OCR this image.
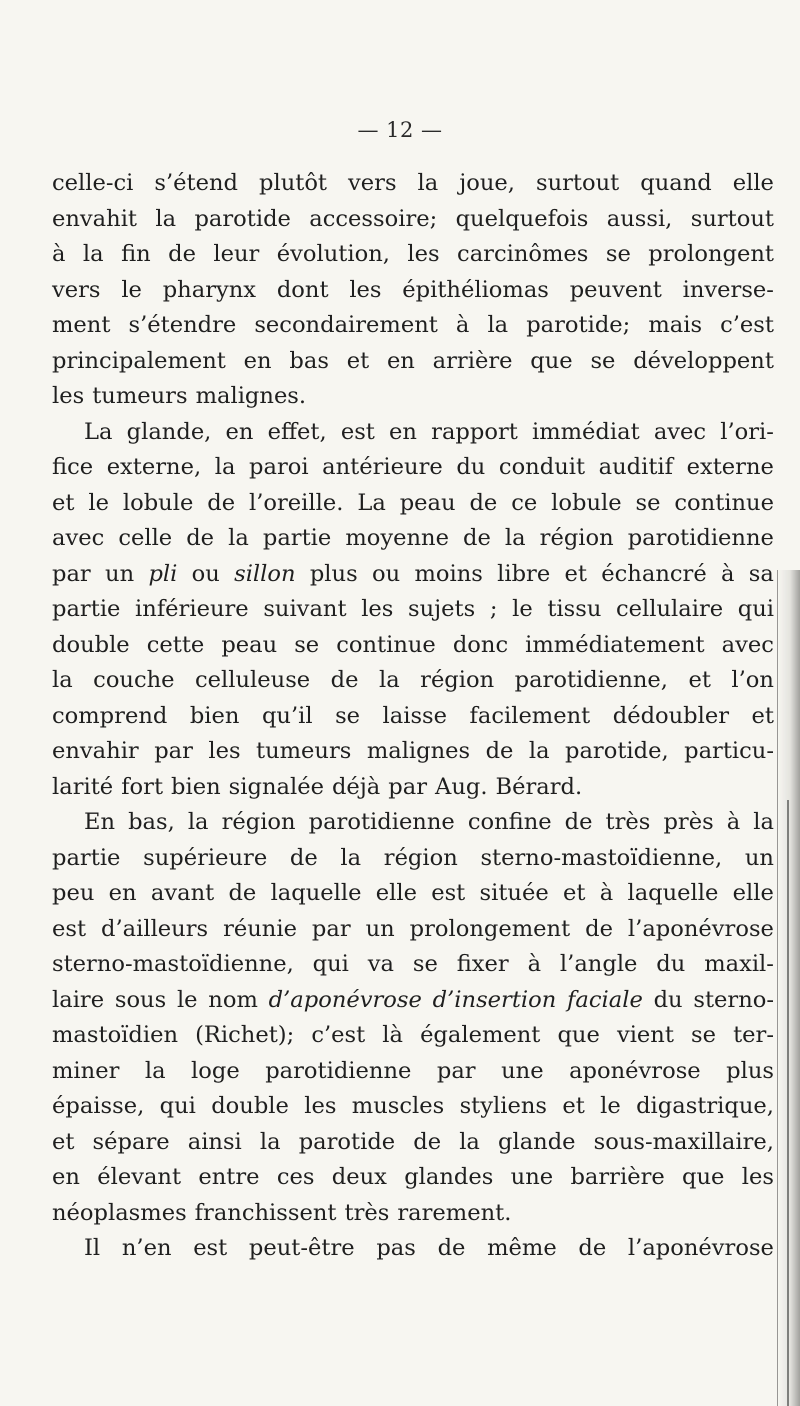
— 12 —
celle-ci s’étend plutôt vers la joue, surtout quand elle
envahit la parotide accessoire; quelquefois aussi, surtout
à la fin de leur évolution, les carcinômes se prolongent
vers le pharynx dont les épithéliomas peuvent inverse-
ment s’étendre secondairement à la parotide; mais c’est
principalement en bas et en arrière que se développent
les tumeurs malignes.
La glande, en effet, est en rapport immédiat avec l’ori-
fice externe, la paroi antérieure du conduit auditif externe
et le lobule de l’oreille. La peau de ce lobule se continue
avec celle de la partie moyenne de la région parotidienne
par un pli ou sillon plus ou moins libre et échancré à sa
partie inférieure suivant les sujets ; le tissu cellulaire qui
double cette peau se continue donc immédiatement avec
la couche celluleuse de la région parotidienne, et l’on
comprend bien qu’il se laisse facilement dédoubler et
envahir par les tumeurs malignes de la parotide, particu-
larité fort bien signalée déjà par Aug. Bérard.
En bas, la région parotidienne confine de très près à la
partie supérieure de la région sterno-mastoïdienne, un
peu en avant de laquelle elle est située et à laquelle elle
est d’ailleurs réunie par un prolongement de l’aponévrose
sterno-mastoïdienne, qui va se fixer à l’angle du maxil-
laire sous le nom d’aponévrose d’insertion faciale du sterno-
mastoïdien (Richet); c’est là également que vient se ter-
miner la loge parotidienne par une aponévrose plus
épaisse, qui double les muscles styliens et le digastrique,
et sépare ainsi la parotide de la glande sous-maxillaire,
en élevant entre ces deux glandes une barrière que les
néoplasmes franchissent très rarement.
Il n’en est peut-être pas de même de l’aponévrose
